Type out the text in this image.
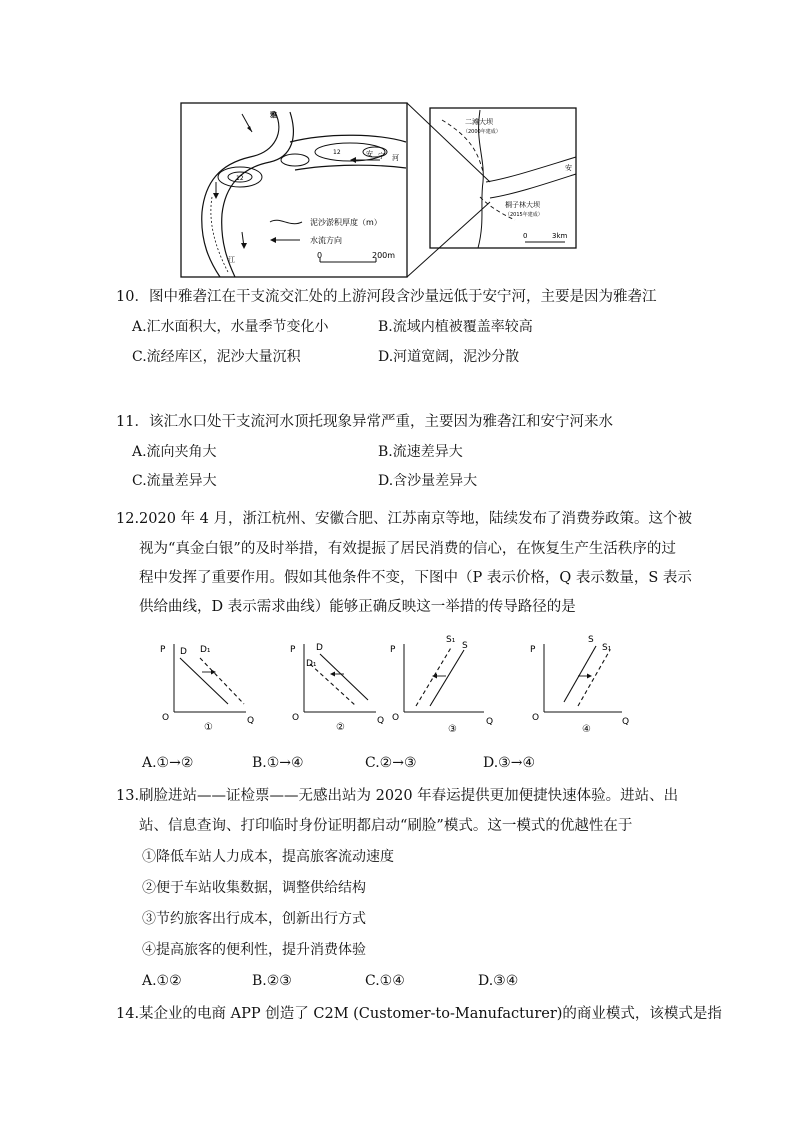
雅
江
安 宁 河
12
12
泥沙淤积厚度（m）
水流方向
0	200m
二滩大坝
（2000年建成）
桐子林大坝
（2015年建成）
安
0	3km
10．图中雅砻江在干支流交汇处的上游河段含沙量远低于安宁河，主要是因为雅砻江
A.汇水面积大，水量季节变化小	B.流域内植被覆盖率较高
C.流经库区，泥沙大量沉积	D.河道宽阔，泥沙分散
11．该汇水口处干支流河水顶托现象异常严重，主要因为雅砻江和安宁河来水
A.流向夹角大	B.流速差异大
C.流量差异大	D.含沙量差异大
12.2020 年 4 月，浙江杭州、安徽合肥、江苏南京等地，陆续发布了消费券政策。这个被
视为“真金白银”的及时举措，有效提振了居民消费的信心，在恢复生产生活秩序的过
程中发挥了重要作用。假如其他条件不变，下图中（P 表示价格，Q 表示数量，S 表示
供给曲线，D 表示需求曲线）能够正确反映这一举措的传导路径的是
P
O	Q
D D₁
①
P
O	Q
D
D₁
②
P
O	Q
S₁
S
③
P
O	Q
S
S₁
④
A.①→②	B.①→④	C.②→③	D.③→④
13.刷脸进站——证检票——无感出站为 2020 年春运提供更加便捷快速体验。进站、出
站、信息查询、打印临时身份证明都启动“刷脸”模式。这一模式的优越性在于
①降低车站人力成本，提高旅客流动速度
②便于车站收集数据，调整供给结构
③节约旅客出行成本，创新出行方式
④提高旅客的便利性，提升消费体验
A.①②	B.②③	C.①④	D.③④
14.某企业的电商 APP 创造了 C2M (Customer-to-Manufacturer)的商业模式，该模式是指
